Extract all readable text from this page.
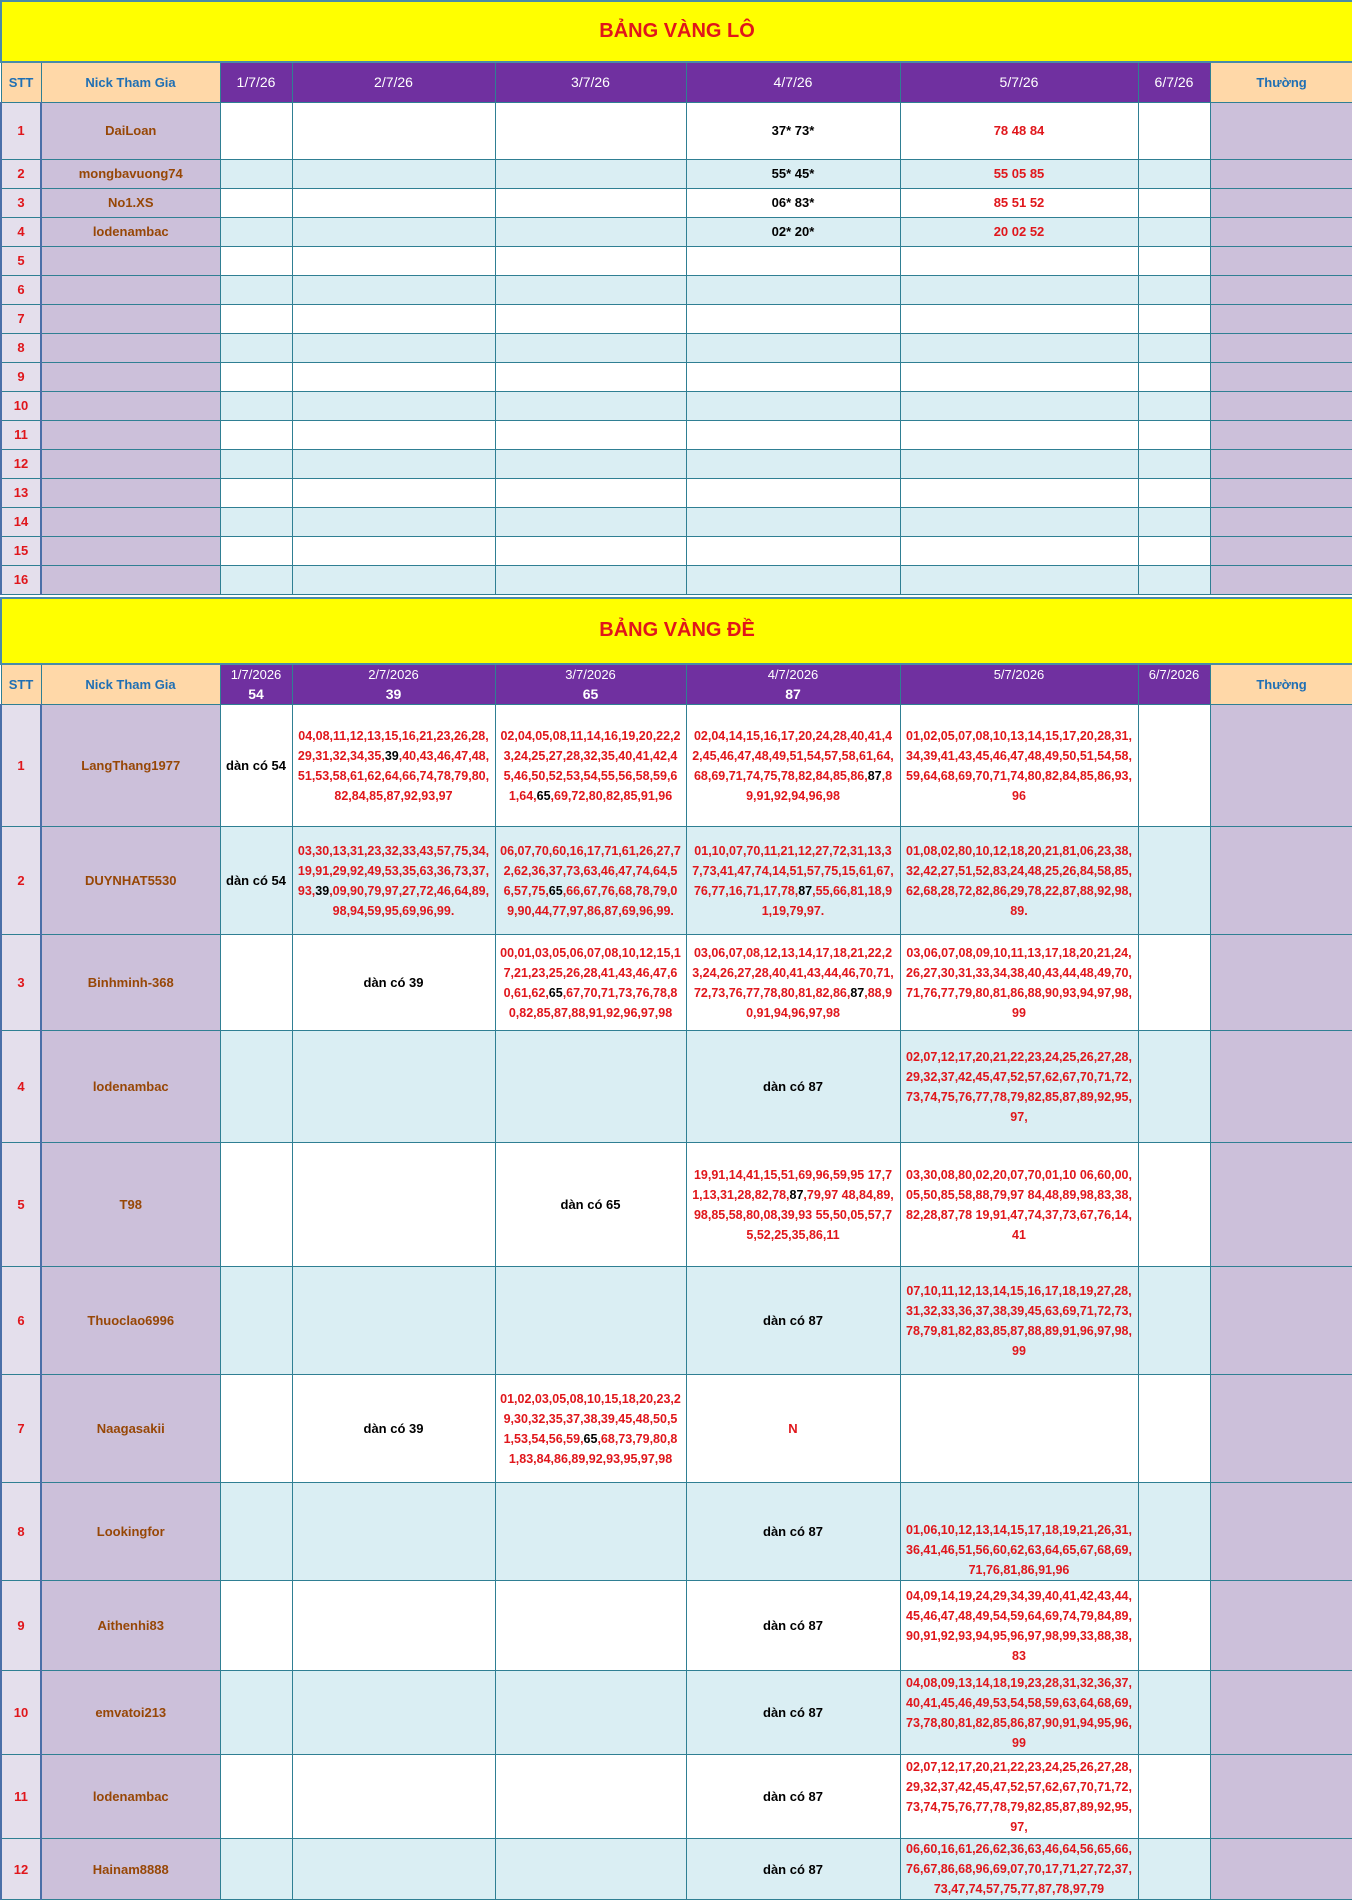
BẢNG VÀNG LÔ								
STT	Nick Tham Gia	1/7/26	2/7/26	3/7/26	4/7/26	5/7/26	6/7/26	Thường
1	DaiLoan				37* 73*	78 48 84		
2	mongbavuong74				55* 45*	55 05 85		
3	No1.XS				06* 83*	85 51 52		
4	lodenambac				02* 20*	20 02 52		
5								
6								
7								
8								
9								
10								
11								
12								
13								
14								
15								
16								
BẢNG VÀNG ĐỀ								
STT	Nick Tham Gia	1/7/2026	2/7/2026	3/7/2026	4/7/2026	5/7/2026	6/7/2026	Thường
		54	39	65	87			
1	LangThang1977	dàn có 54	04,08,11,12,13,15,16,21,23,26,28,29,31,32,34,35,39,40,43,46,47,48,51,53,58,61,62,64,66,74,78,79,80,82,84,85,87,92,93,97	02,04,05,08,11,14,16,19,20,22,23,24,25,27,28,32,35,40,41,42,45,46,50,52,53,54,55,56,58,59,61,64,65,69,72,80,82,85,91,96	02,04,14,15,16,17,20,24,28,40,41,42,45,46,47,48,49,51,54,57,58,61,64,68,69,71,74,75,78,82,84,85,86,87,89,91,92,94,96,98	01,02,05,07,08,10,13,14,15,17,20,28,31,34,39,41,43,45,46,47,48,49,50,51,54,58,59,64,68,69,70,71,74,80,82,84,85,86,93,96		
2	DUYNHAT5530	dàn có 54	03,30,13,31,23,32,33,43,57,75,34,19,91,29,92,49,53,35,63,36,73,37,93,39,09,90,79,97,27,72,46,64,89,98,94,59,95,69,96,99.	06,07,70,60,16,17,71,61,26,27,72,62,36,37,73,63,46,47,74,64,56,57,75,65,66,67,76,68,78,79,09,90,44,77,97,86,87,69,96,99.	01,10,07,70,11,21,12,27,72,31,13,37,73,41,47,74,14,51,57,75,15,61,67,76,77,16,71,17,78,87,55,66,81,18,91,19,79,97.	01,08,02,80,10,12,18,20,21,81,06,23,38,32,42,27,51,52,83,24,48,25,26,84,58,85,62,68,28,72,82,86,29,78,22,87,88,92,98,89.		
3	Binhminh-368		dàn có 39	00,01,03,05,06,07,08,10,12,15,17,21,23,25,26,28,41,43,46,47,60,61,62,65,67,70,71,73,76,78,80,82,85,87,88,91,92,96,97,98	03,06,07,08,12,13,14,17,18,21,22,23,24,26,27,28,40,41,43,44,46,70,71,72,73,76,77,78,80,81,82,86,87,88,90,91,94,96,97,98	03,06,07,08,09,10,11,13,17,18,20,21,24,26,27,30,31,33,34,38,40,43,44,48,49,70,71,76,77,79,80,81,86,88,90,93,94,97,98,99		
4	lodenambac				dàn có 87	02,07,12,17,20,21,22,23,24,25,26,27,28,29,32,37,42,45,47,52,57,62,67,70,71,72,73,74,75,76,77,78,79,82,85,87,89,92,95,97,		
5	T98			dàn có 65	19,91,14,41,15,51,69,96,59,95 17,71,13,31,28,82,78,87,79,97 48,84,89,98,85,58,80,08,39,93 55,50,05,57,75,52,25,35,86,11	03,30,08,80,02,20,07,70,01,10 06,60,00,05,50,85,58,88,79,97 84,48,89,98,83,38,82,28,87,78 19,91,47,74,37,73,67,76,14,41		
6	Thuoclao6996				dàn có 87	07,10,11,12,13,14,15,16,17,18,19,27,28,31,32,33,36,37,38,39,45,63,69,71,72,73,78,79,81,82,83,85,87,88,89,91,96,97,98,99		
7	Naagasakii		dàn có 39	01,02,03,05,08,10,15,18,20,23,29,30,32,35,37,38,39,45,48,50,51,53,54,56,59,65,68,73,79,80,81,83,84,86,89,92,93,95,97,98	N			
8	Lookingfor				dàn có 87	01,06,10,12,13,14,15,17,18,19,21,26,31,36,41,46,51,56,60,62,63,64,65,67,68,69,71,76,81,86,91,96		
9	Aithenhi83				dàn có 87	04,09,14,19,24,29,34,39,40,41,42,43,44,45,46,47,48,49,54,59,64,69,74,79,84,89,90,91,92,93,94,95,96,97,98,99,33,88,38,83		
10	emvatoi213				dàn có 87	04,08,09,13,14,18,19,23,28,31,32,36,37,40,41,45,46,49,53,54,58,59,63,64,68,69,73,78,80,81,82,85,86,87,90,91,94,95,96,99		
11	lodenambac				dàn có 87	02,07,12,17,20,21,22,23,24,25,26,27,28,29,32,37,42,45,47,52,57,62,67,70,71,72,73,74,75,76,77,78,79,82,85,87,89,92,95,97,		
12	Hainam8888				dàn có 87	06,60,16,61,26,62,36,63,46,64,56,65,66,76,67,86,68,96,69,07,70,17,71,27,72,37,73,47,74,57,75,77,87,78,97,79		
